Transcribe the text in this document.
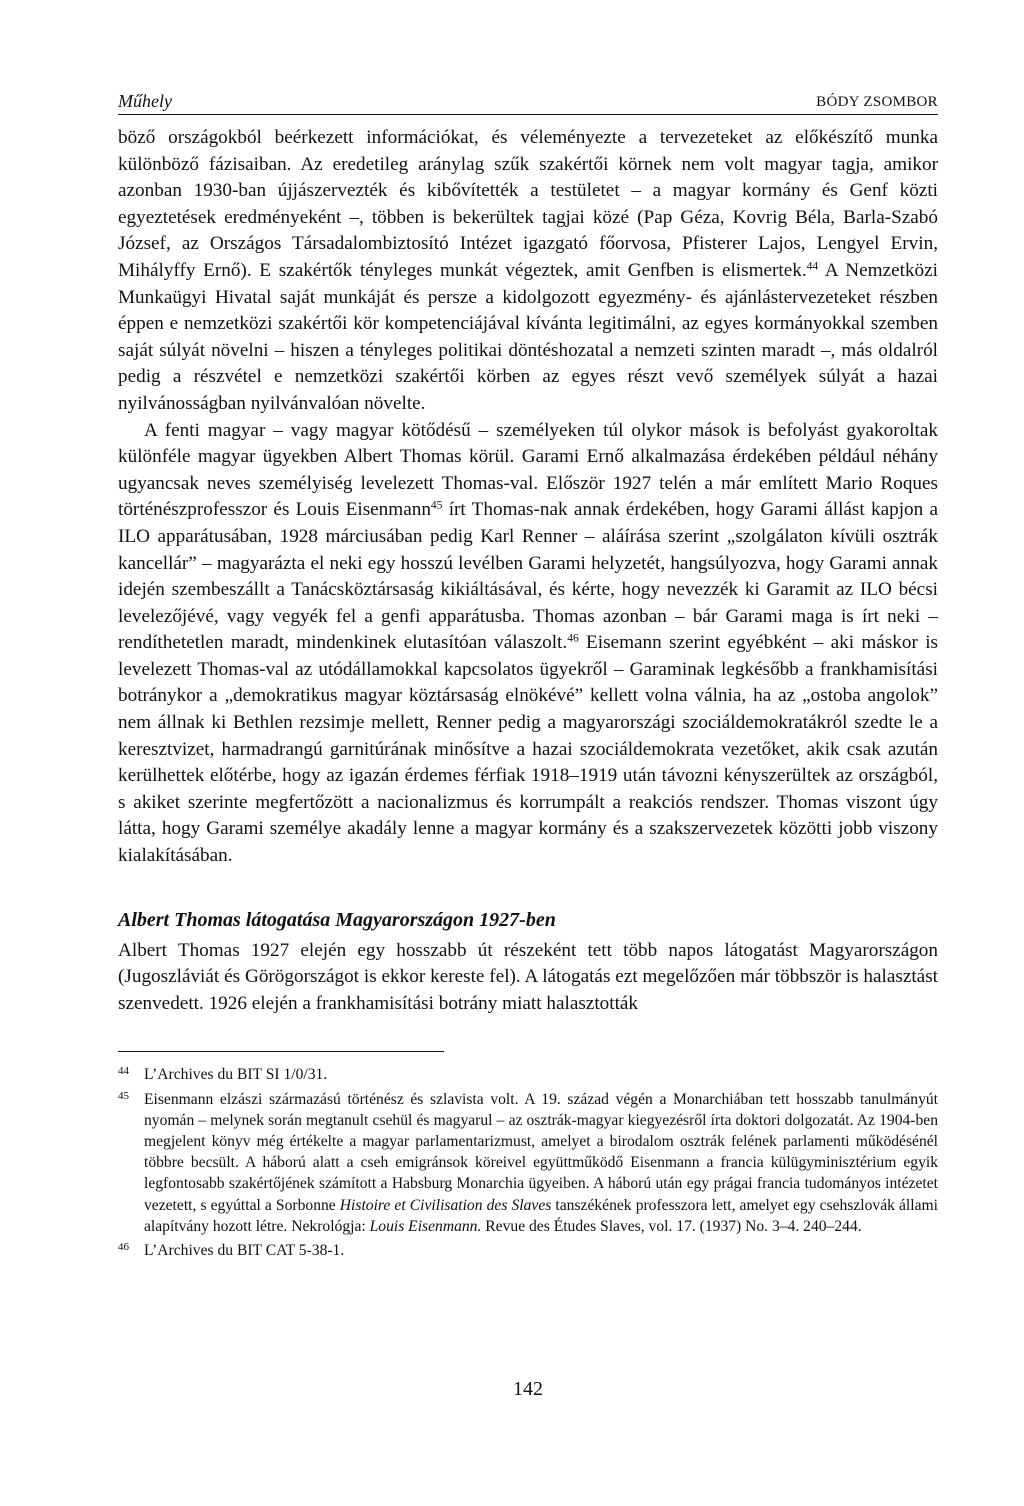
Műhely	BÓDY ZSOMBOR

böző országokból beérkezett információkat, és véleményezte a tervezeteket az előkészítő munka különböző fázisaiban. Az eredetileg aránylag szűk szakértői körnek nem volt magyar tagja, amikor azonban 1930-ban újjászervezték és kibővítették a testületet – a magyar kormány és Genf közti egyeztetések eredményeként –, többen is bekerültek tagjai közé (Pap Géza, Kovrig Béla, Barla-Szabó József, az Országos Társadalombiztosító Intézet igazgató főorvosa, Pfisterer Lajos, Lengyel Ervin, Mihályffy Ernő). E szakértők tényleges munkát végeztek, amit Genfben is elismertek.$^{44}$ A Nemzetközi Munkaügyi Hivatal saját munkáját és persze a kidolgozott egyezmény- és ajánlástervezeteket részben éppen e nemzetközi szakértői kör kompetenciájával kívánta legitimálni, az egyes kormányokkal szemben saját súlyát növelni – hiszen a tényleges politikai döntéshozatal a nemzeti szinten maradt –, más oldalról pedig a részvétel e nemzetközi szakértői körben az egyes részt vevő személyek súlyát a hazai nyilvánosságban nyilvánvalóan növelte.

A fenti magyar – vagy magyar kötődésű – személyeken túl olykor mások is befolyást gyakoroltak különféle magyar ügyekben Albert Thomas körül. Garami Ernő alkalmazása érdekében például néhány ugyancsak neves személyiség levelezett Thomas-val. Először 1927 telén a már említett Mario Roques történészprofesszor és Louis Eisenmann$^{45}$ írt Thomas-nak annak érdekében, hogy Garami állást kapjon a ILO apparátusában, 1928 márciusában pedig Karl Renner – aláírása szerint „szolgálaton kívüli osztrák kancellár” – magyarázta el neki egy hosszú levélben Garami helyzetét, hangsúlyozva, hogy Garami annak idején szembeszállt a Tanácsköztársaság kikiáltásával, és kérte, hogy nevezzék ki Garamit az ILO bécsi levelezőjévé, vagy vegyék fel a genfi apparátusba. Thomas azonban – bár Garami maga is írt neki – rendíthetetlen maradt, mindenkinek elutasítóan válaszolt.$^{46}$ Eisemann szerint egyébként – aki máskor is levelezett Thomas-val az utódállamokkal kapcsolatos ügyekről – Garaminak legkésőbb a frankhamisítási botránykor a „demokratikus magyar köztársaság elnökévé” kellett volna válnia, ha az „ostoba angolok” nem állnak ki Bethlen rezsimje mellett, Renner pedig a magyarországi szociáldemokratákról szedte le a keresztvizet, harmadrangú garnitúrának minősítve a hazai szociáldemokrata vezetőket, akik csak azután kerülhettek előtérbe, hogy az igazán érdemes férfiak 1918–1919 után távozni kényszerültek az országból, s akiket szerinte megfertőzött a nacionalizmus és korrumpált a reakciós rendszer. Thomas viszont úgy látta, hogy Garami személye akadály lenne a magyar kormány és a szakszervezetek közötti jobb viszony kialakításában.

Albert Thomas látogatása Magyarországon 1927-ben

Albert Thomas 1927 elején egy hosszabb út részeként tett több napos látogatást Magyarországon (Jugoszláviát és Görögországot is ekkor kereste fel). A látogatás ezt megelőzően már többször is halasztást szenvedett. 1926 elején a frankhamisítási botrány miatt halasztották

44 L’Archives du BIT SI 1/0/31.
45 Eisenmann elzászi származású történész és szlavista volt. A 19. század végén a Monarchiában tett hosszabb tanulmányút nyomán – melynek során megtanult csehül és magyarul – az osztrák-magyar kiegyezésről írta doktori dolgozatát. Az 1904-ben megjelent könyv még értékelte a magyar parlamentarizmust, amelyet a birodalom osztrák felének parlamenti működésénél többre becsült. A háború alatt a cseh emigránsok köreivel együttműködő Eisenmann a francia külügyminisztérium egyik legfontosabb szakértőjének számított a Habsburg Monarchia ügyeiben. A háború után egy prágai francia tudományos intézetet vezetett, s egyúttal a Sorbonne Histoire et Civilisation des Slaves tanszékének professzora lett, amelyet egy csehszlovák állami alapítvány hozott létre. Nekrológja: Louis Eisenmann. Revue des Études Slaves, vol. 17. (1937) No. 3–4. 240–244.
46 L’Archives du BIT CAT 5-38-1.
142
